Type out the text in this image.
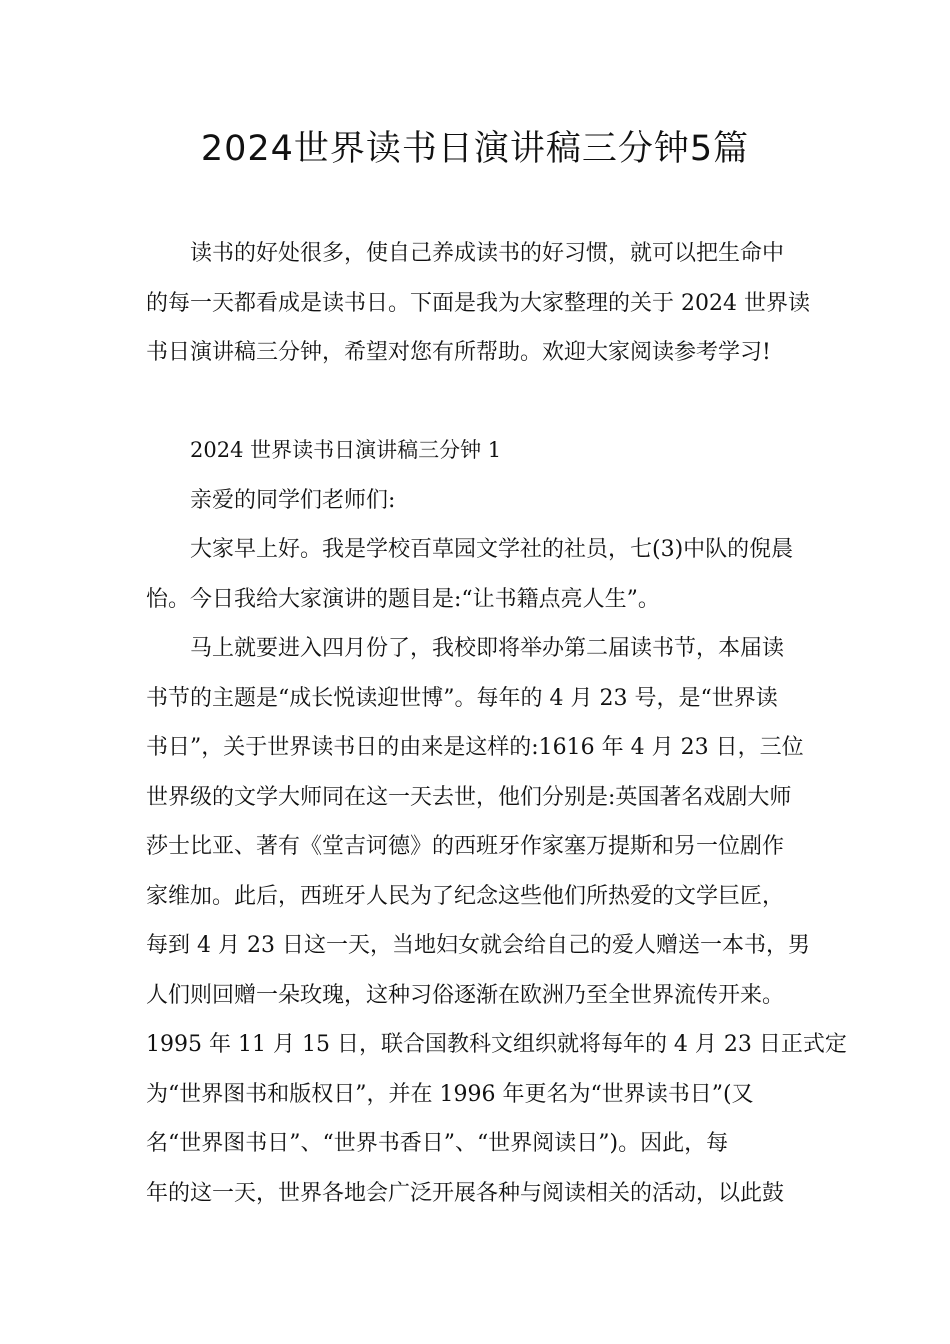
2024世界读书日演讲稿三分钟5篇
读书的好处很多，使自己养成读书的好习惯，就可以把生命中
的每一天都看成是读书日。下面是我为大家整理的关于 2024 世界读
书日演讲稿三分钟，希望对您有所帮助。欢迎大家阅读参考学习!
2024 世界读书日演讲稿三分钟 1
亲爱的同学们老师们:
大家早上好。我是学校百草园文学社的社员，七(3)中队的倪晨
怡。今日我给大家演讲的题目是:“让书籍点亮人生”。
马上就要进入四月份了，我校即将举办第二届读书节，本届读
书节的主题是“成长悦读迎世博”。每年的 4 月 23 号，是“世界读
书日”，关于世界读书日的由来是这样的:1616 年 4 月 23 日，三位
世界级的文学大师同在这一天去世，他们分别是:英国著名戏剧大师
莎士比亚、著有《堂吉诃德》的西班牙作家塞万提斯和另一位剧作
家维加。此后，西班牙人民为了纪念这些他们所热爱的文学巨匠，
每到 4 月 23 日这一天，当地妇女就会给自己的爱人赠送一本书，男
人们则回赠一朵玫瑰，这种习俗逐渐在欧洲乃至全世界流传开来。
1995 年 11 月 15 日，联合国教科文组织就将每年的 4 月 23 日正式定
为“世界图书和版权日”，并在 1996 年更名为“世界读书日”(又
名“世界图书日”、“世界书香日”、“世界阅读日”)。因此，每
年的这一天，世界各地会广泛开展各种与阅读相关的活动，以此鼓
